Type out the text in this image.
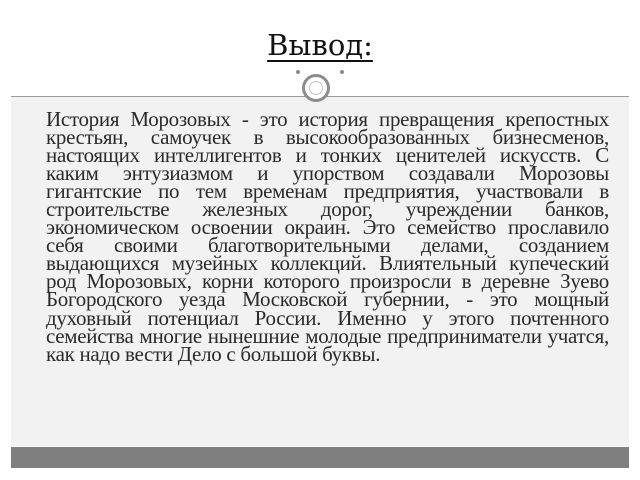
Вывод:

История Морозовых - это история превращения крепостных крестьян, самоучек в высокообразованных бизнесменов, настоящих интеллигентов и тонких ценителей искусств. С каким энтузиазмом и упорством создавали Морозовы гигантские по тем временам предприятия, участвовали в строительстве железных дорог, учреждении банков, экономическом освоении окраин. Это семейство прославило себя своими благотворительными делами, созданием выдающихся музейных коллекций. Влиятельный купеческий род Морозовых, корни которого произросли в деревне Зуево Богородского уезда Московской губернии, - это мощный духовный потенциал России. Именно у этого почтенного семейства многие нынешние молодые предприниматели учатся, как надо вести Дело с большой буквы.
